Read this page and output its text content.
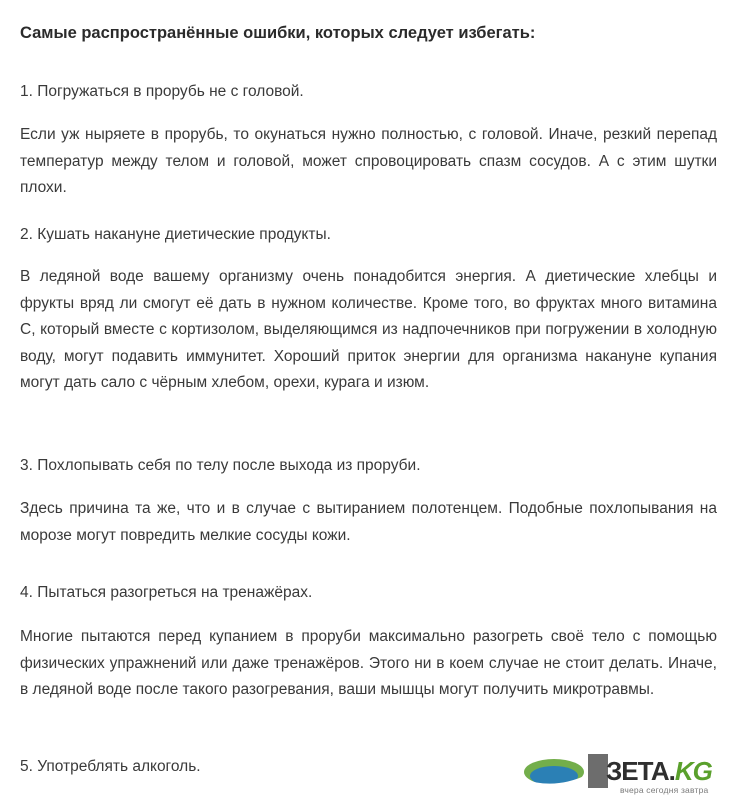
Самые распространённые ошибки, которых следует избегать:
1. Погружаться в прорубь не с головой.
Если уж ныряете в прорубь, то окунаться нужно полностью, с головой. Иначе, резкий перепад температур между телом и головой, может спровоцировать спазм сосудов. А с этим шутки плохи.
2. Кушать накануне диетические продукты.
В ледяной воде вашему организму очень понадобится энергия. А диетические хлебцы и фрукты вряд ли смогут её дать в нужном количестве. Кроме того, во фруктах много витамина С, который вместе с кортизолом, выделяющимся из надпочечников при погружении в холодную воду, могут подавить иммунитет. Хороший приток энергии для организма накануне купания могут дать сало с чёрным хлебом, орехи, курага и изюм.
3. Похлопывать себя по телу после выхода из проруби.
Здесь причина та же, что и в случае с вытиранием полотенцем. Подобные похлопывания на морозе могут повредить мелкие сосуды кожи.
4. Пытаться разогреться на тренажёрах.
Многие пытаются перед купанием в проруби максимально разогреть своё тело с помощью физических упражнений или даже тренажёров. Этого ни в коем случае не стоит делать. Иначе, в ледяной воде после такого разогревания, ваши мышцы могут получить микротравмы.
5. Употреблять алкоголь.	ЗЕТА.KG
вчера сегодня завтра
